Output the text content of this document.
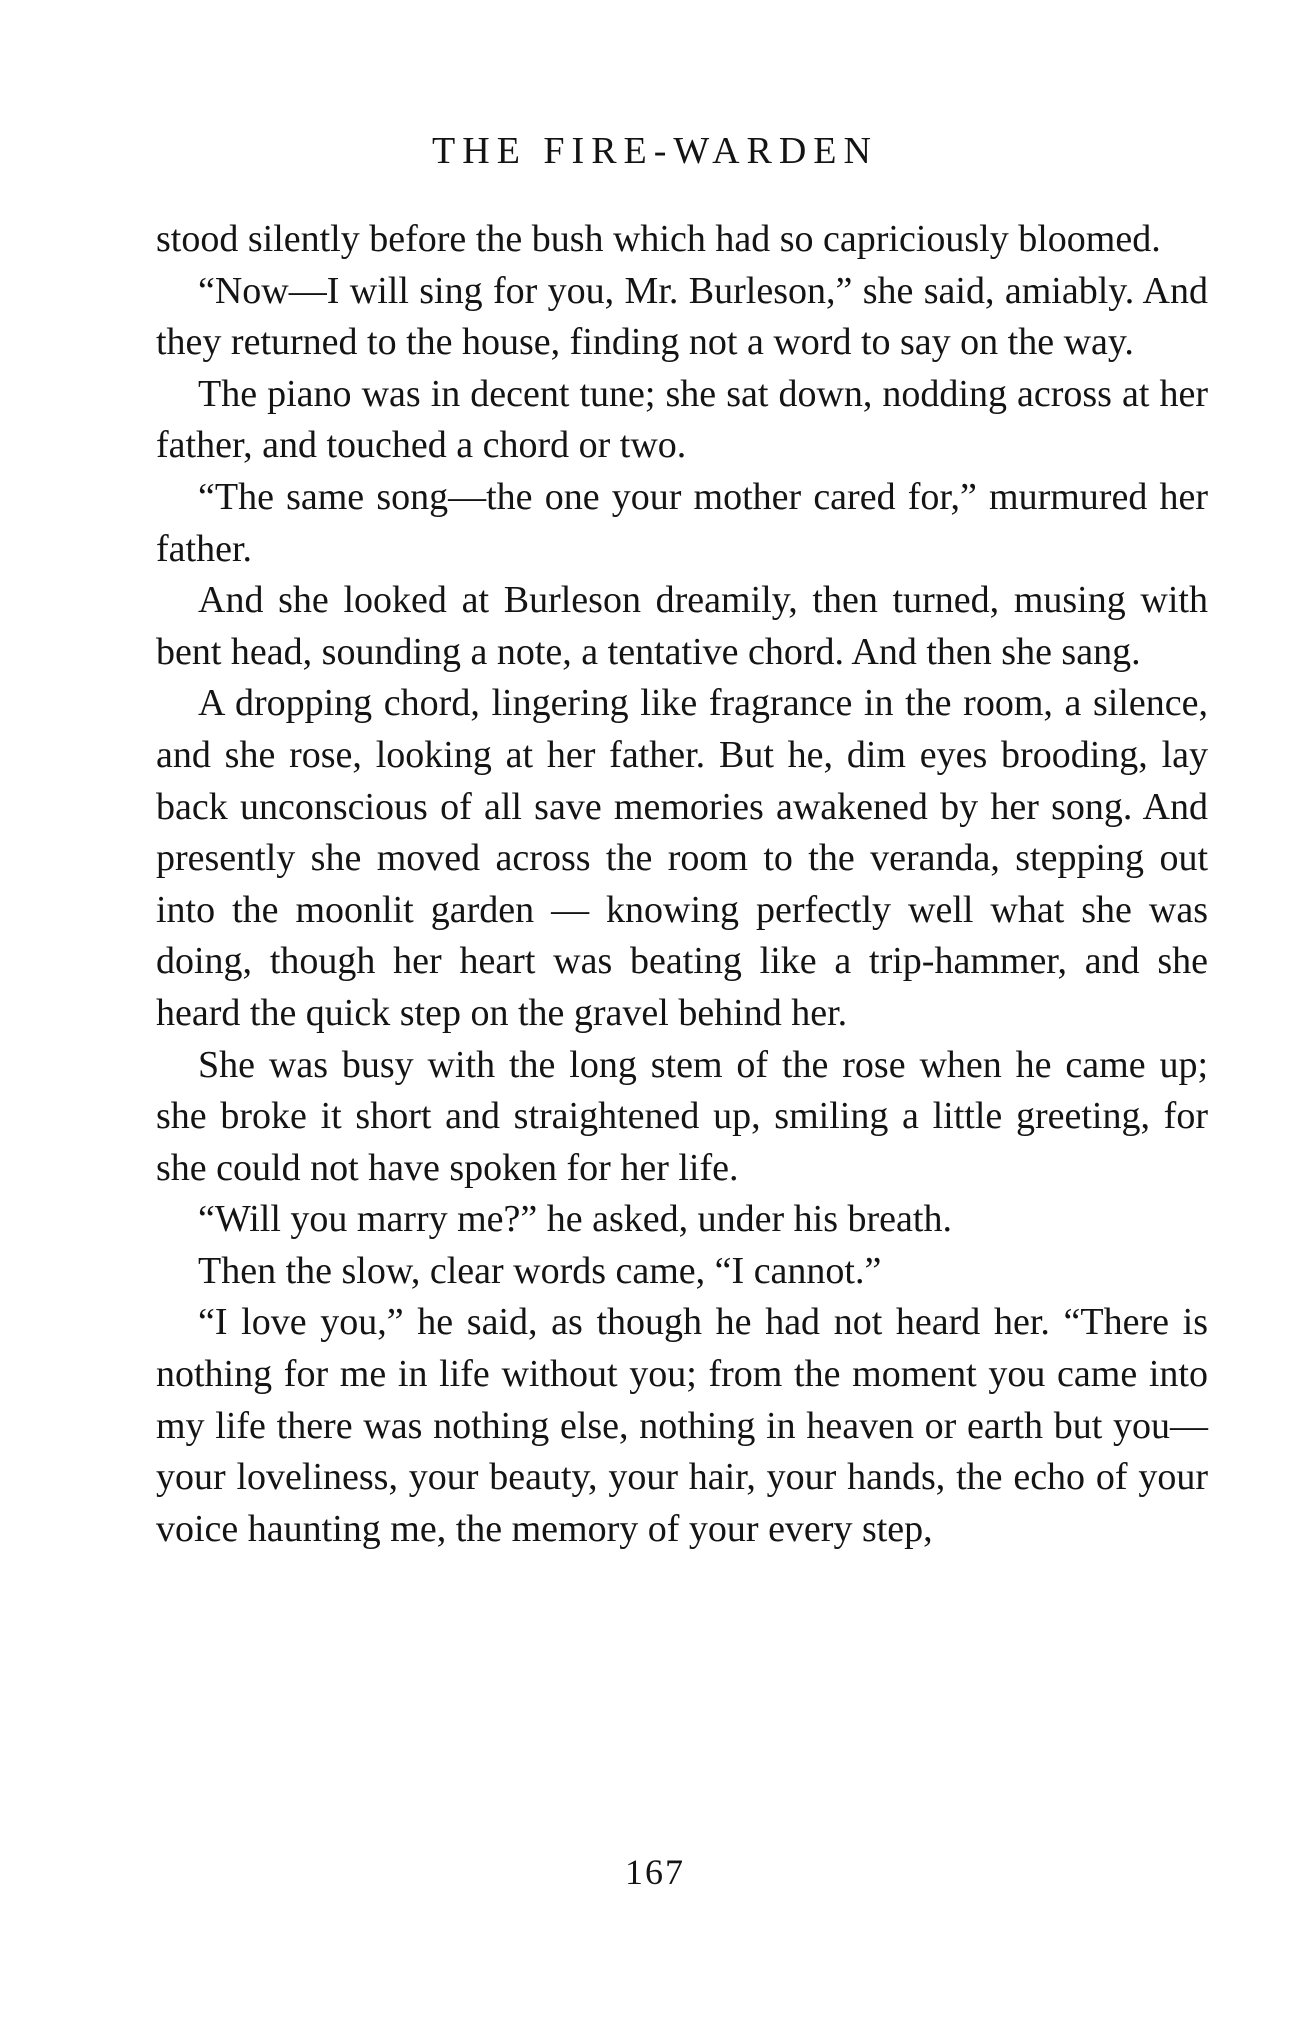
THE FIRE-WARDEN

stood silently before the bush which had so capriciously bloomed.

“Now—I will sing for you, Mr. Burleson,” she said, amiably. And they returned to the house, finding not a word to say on the way.

The piano was in decent tune; she sat down, nodding across at her father, and touched a chord or two.

“The same song—the one your mother cared for,” murmured her father.

And she looked at Burleson dreamily, then turned, musing with bent head, sounding a note, a tentative chord. And then she sang.

A dropping chord, lingering like fragrance in the room, a silence, and she rose, looking at her father. But he, dim eyes brooding, lay back unconscious of all save memories awakened by her song. And presently she moved across the room to the veranda, stepping out into the moonlit garden — knowing perfectly well what she was doing, though her heart was beating like a trip-hammer, and she heard the quick step on the gravel behind her.

She was busy with the long stem of the rose when he came up; she broke it short and straightened up, smiling a little greeting, for she could not have spoken for her life.

“Will you marry me?” he asked, under his breath.

Then the slow, clear words came, “I cannot.”

“I love you,” he said, as though he had not heard her. “There is nothing for me in life without you; from the moment you came into my life there was nothing else, nothing in heaven or earth but you—your loveliness, your beauty, your hair, your hands, the echo of your voice haunting me, the memory of your every step,

167
